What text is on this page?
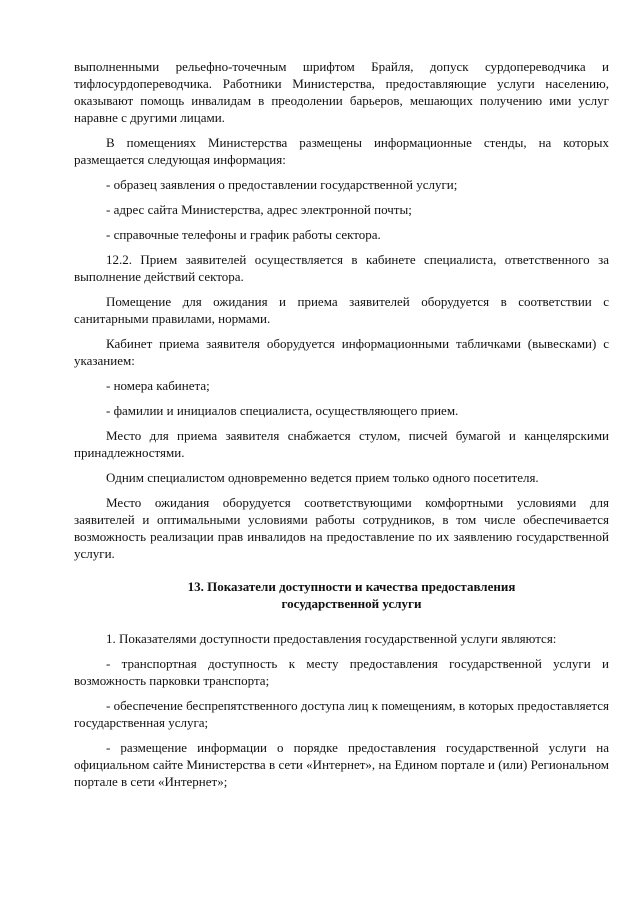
выполненными рельефно-точечным шрифтом Брайля, допуск сурдопереводчика и тифлосурдопереводчика. Работники Министерства, предоставляющие услуги населению, оказывают помощь инвалидам в преодолении барьеров, мешающих получению ими услуг наравне с другими лицами.

В помещениях Министерства размещены информационные стенды, на которых размещается следующая информация:

- образец заявления о предоставлении государственной услуги;

- адрес сайта Министерства, адрес электронной почты;

- справочные телефоны и график работы сектора.

12.2. Прием заявителей осуществляется в кабинете специалиста, ответственного за выполнение действий сектора.

Помещение для ожидания и приема заявителей оборудуется в соответствии с санитарными правилами, нормами.

Кабинет приема заявителя оборудуется информационными табличками (вывесками) с указанием:

- номера кабинета;

- фамилии и инициалов специалиста, осуществляющего прием.

Место для приема заявителя снабжается стулом, писчей бумагой и канцелярскими принадлежностями.

Одним специалистом одновременно ведется прием только одного посетителя.

Место ожидания оборудуется соответствующими комфортными условиями для заявителей и оптимальными условиями работы сотрудников, в том числе обеспечивается возможность реализации прав инвалидов на предоставление по их заявлению государственной услуги.

13. Показатели доступности и качества предоставления
государственной услуги

1. Показателями доступности предоставления государственной услуги являются:

- транспортная доступность к месту предоставления государственной услуги и возможность парковки транспорта;

- обеспечение беспрепятственного доступа лиц к помещениям, в которых предоставляется государственная услуга;

- размещение информации о порядке предоставления государственной услуги на официальном сайте Министерства в сети «Интернет», на Едином портале и (или) Региональном портале в сети «Интернет»;
